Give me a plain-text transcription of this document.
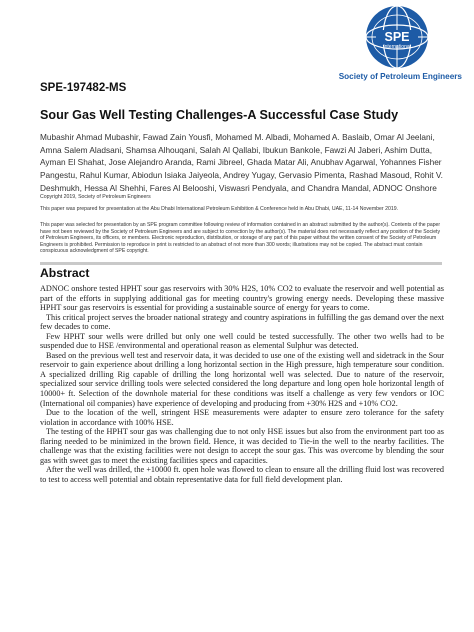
SPE
International
Society of Petroleum Engineers
SPE-197482-MS
Sour Gas Well Testing Challenges-A Successful Case Study
Mubashir Ahmad Mubashir, Fawad Zain Yousfi, Mohamed M. Albadi, Mohamed A. Baslaib, Omar Al Jeelani, Amna Salem Aladsani, Shamsa Alhouqani, Salah Al Qallabi, Ibukun Bankole, Fawzi Al Jaberi, Ashim Dutta, Ayman El Shahat, Jose Alejandro Aranda, Rami Jibreel, Ghada Matar Ali, Anubhav Agarwal, Yohannes Fisher Pangestu, Rahul Kumar, Abiodun Isiaka Jaiyeola, Andrey Yugay, Gervasio Pimenta, Rashad Masoud, Rohit V. Deshmukh, Hessa Al Shehhi, Fares Al Belooshi, Viswasri Pendyala, and Chandra Mandal, ADNOC Onshore
Copyright 2019, Society of Petroleum Engineers
This paper was prepared for presentation at the Abu Dhabi International Petroleum Exhibition & Conference held in Abu Dhabi, UAE, 11-14 November 2019.
This paper was selected for presentation by an SPE program committee following review of information contained in an abstract submitted by the author(s). Contents of the paper have not been reviewed by the Society of Petroleum Engineers and are subject to correction by the author(s). The material does not necessarily reflect any position of the Society of Petroleum Engineers, its officers, or members. Electronic reproduction, distribution, or storage of any part of this paper without the written consent of the Society of Petroleum Engineers is prohibited. Permission to reproduce in print is restricted to an abstract of not more than 300 words; illustrations may not be copied. The abstract must contain conspicuous acknowledgment of SPE copyright.
Abstract

ADNOC onshore tested HPHT sour gas reservoirs with 30% H2S, 10% CO2 to evaluate the reservoir and well potential as part of the efforts in supplying additional gas for meeting country's growing energy needs. Developing these massive HPHT sour gas reservoirs is essential for providing a sustainable source of energy for years to come.

This critical project serves the broader national strategy and country aspirations in fulfilling the gas demand over the next few decades to come.

Few HPHT sour wells were drilled but only one well could be tested successfully. The other two wells had to be suspended due to HSE /environmental and operational reason as elemental Sulphur was detected.

Based on the previous well test and reservoir data, it was decided to use one of the existing well and sidetrack in the Sour reservoir to gain experience about drilling a long horizontal section in the High pressure, high temperature sour condition. A specialized drilling Rig capable of drilling the long horizontal well was selected. Due to nature of the reservoir, specialized sour service drilling tools were selected considered the long departure and long open hole horizontal length of 10000+ ft. Selection of the downhole material for these conditions was itself a challenge as very few vendors or IOC (International oil companies) have experience of developing and producing from +30% H2S and +10% CO2.

Due to the location of the well, stringent HSE measurements were adapter to ensure zero tolerance for the safety violation in accordance with 100% HSE.

The testing of the HPHT sour gas was challenging due to not only HSE issues but also from the environment part too as flaring needed to be minimized in the brown field. Hence, it was decided to Tie-in the well to the nearby facilities. The challenge was that the existing facilities were not design to accept the sour gas. This was overcome by blending the sour gas with sweet gas to meet the existing facilities specs and capacities.

After the well was drilled, the +10000 ft. open hole was flowed to clean to ensure all the drilling fluid lost was recovered to test to access well potential and obtain representative data for full field development plan.
